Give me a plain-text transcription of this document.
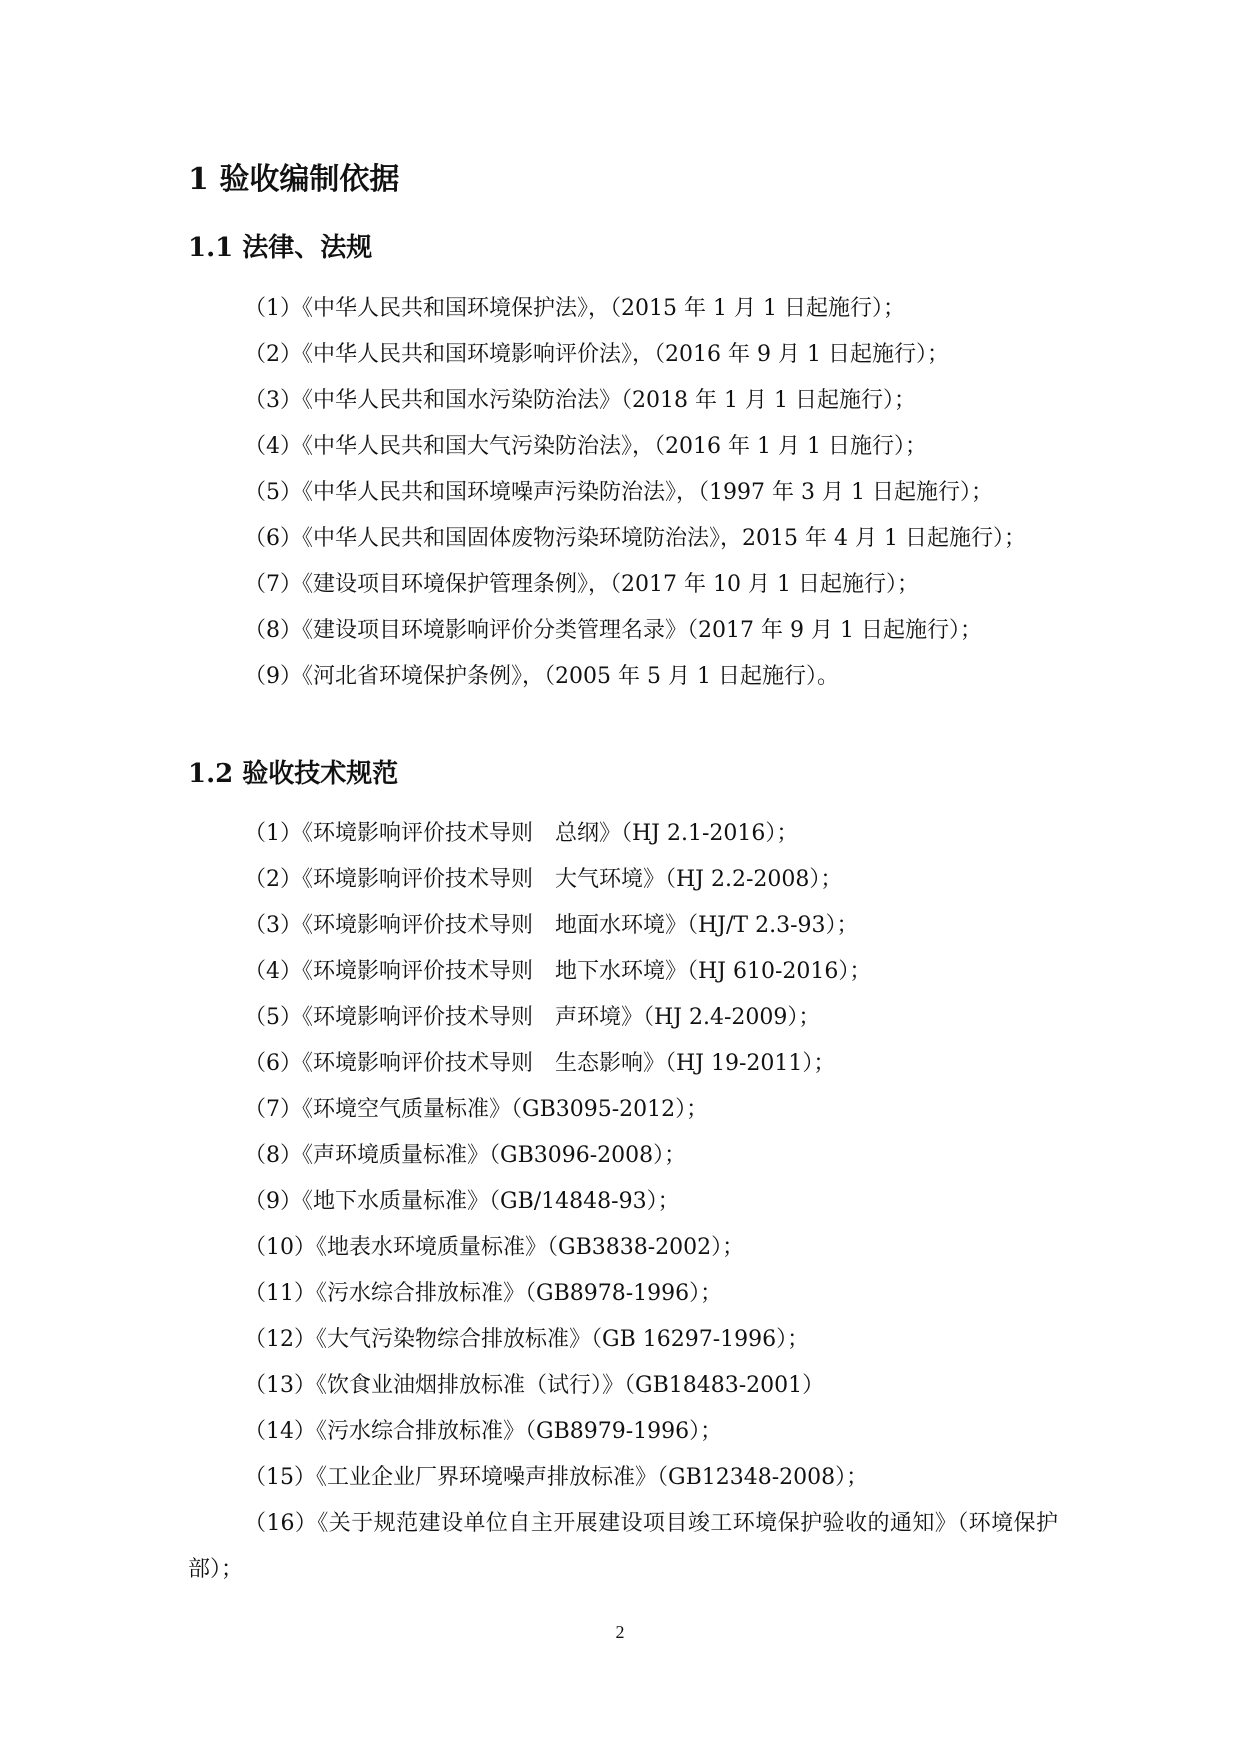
1 验收编制依据
1.1 法律、法规
（1）《中华人民共和国环境保护法》，（2015 年 1 月 1 日起施行）；
（2）《中华人民共和国环境影响评价法》，（2016 年 9 月 1 日起施行）；
（3）《中华人民共和国水污染防治法》（2018 年 1 月 1 日起施行）；
（4）《中华人民共和国大气污染防治法》，（2016 年 1 月 1 日施行）；
（5）《中华人民共和国环境噪声污染防治法》，（1997 年 3 月 1 日起施行）；
（6）《中华人民共和国固体废物污染环境防治法》，2015 年 4 月 1 日起施行）；
（7）《建设项目环境保护管理条例》，（2017 年 10 月 1 日起施行）；
（8）《建设项目环境影响评价分类管理名录》（2017 年 9 月 1 日起施行）；
（9）《河北省环境保护条例》，（2005 年 5 月 1 日起施行）。
1.2 验收技术规范
（1）《环境影响评价技术导则　总纲》（HJ 2.1-2016）；
（2）《环境影响评价技术导则　大气环境》（HJ 2.2-2008）；
（3）《环境影响评价技术导则　地面水环境》（HJ/T 2.3-93）；
（4）《环境影响评价技术导则　地下水环境》（HJ 610-2016）；
（5）《环境影响评价技术导则　声环境》（HJ 2.4-2009）；
（6）《环境影响评价技术导则　生态影响》（HJ 19-2011）；
（7）《环境空气质量标准》（GB3095-2012）；
（8）《声环境质量标准》（GB3096-2008）；
（9）《地下水质量标准》（GB/14848-93）；
（10）《地表水环境质量标准》（GB3838-2002）；
（11）《污水综合排放标准》（GB8978-1996）；
（12）《大气污染物综合排放标准》（GB 16297-1996）；
（13）《饮食业油烟排放标准（试行）》（GB18483-2001）
（14）《污水综合排放标准》（GB8979-1996）；
（15）《工业企业厂界环境噪声排放标准》（GB12348-2008）；
（16）《关于规范建设单位自主开展建设项目竣工环境保护验收的通知》（环境保护部）；
2
